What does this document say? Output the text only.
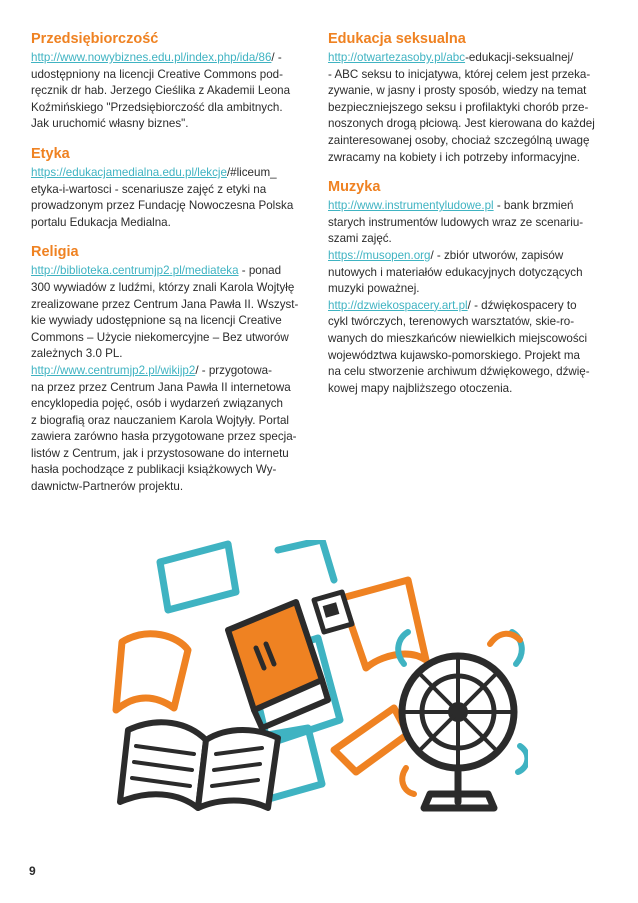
Przedsiębiorczość

http://www.nowybiznes.edu.pl/index.php/ida/86/ -
udostępniony na licencji Creative Commons pod-
ręcznik dr hab. Jerzego Cieślika z Akademii Leona
Koźmińskiego "Przedsiębiorczość dla ambitnych.
Jak uruchomić własny biznes".

Etyka

https://edukacjamedialna.edu.pl/lekcje/#liceum_
etyka-i-wartosci - scenariusze zajęć z etyki na
prowadzonym przez Fundację Nowoczesna Polska
portalu Edukacja Medialna.

Religia

http://biblioteka.centrumjp2.pl/mediateka - ponad
300 wywiadów z ludźmi, którzy znali Karola Wojtyłę
zrealizowane przez Centrum Jana Pawła II. Wszyst-
kie wywiady udostępnione są na licencji Creative
Commons – Użycie niekomercyjne – Bez utworów
zależnych 3.0 PL.
http://www.centrumjp2.pl/wikijp2/ - przygotowa-
na przez przez Centrum Jana Pawła II internetowa
encyklopedia pojęć, osób i wydarzeń związanych
z biografią oraz nauczaniem Karola Wojtyły. Portal
zawiera zarówno hasła przygotowane przez specja-
listów z Centrum, jak i przystosowane do internetu
hasła pochodzące z publikacji książkowych Wy-
dawnictw-Partnerów projektu.

Edukacja seksualna

http://otwartezasoby.pl/abc-edukacji-seksualnej/
- ABC seksu to inicjatywa, której celem jest przeka-
zywanie, w jasny i prosty sposób, wiedzy na temat
bezpieczniejszego seksu i profilaktyki chorób prze-
noszonych drogą płciową. Jest kierowana do każdej
zainteresowanej osoby, chociaż szczególną uwagę
zwracamy na kobiety i ich potrzeby informacyjne.

Muzyka

http://www.instrumentyludowe.pl - bank brzmień
starych instrumentów ludowych wraz ze scenariu-
szami zajęć.
https://musopen.org/ - zbiór utworów, zapisów
nutowych i materiałów edukacyjnych dotyczących
muzyki poważnej.
http://dzwiekospacery.art.pl/ - dźwiękospacery to
cykl twórczych, terenowych warsztatów, skie-ro-
wanych do mieszkańców niewielkich miejscowości
województwa kujawsko-pomorskiego. Projekt ma
na celu stworzenie archiwum dźwiękowego, dźwię-
kowej mapy najbliższego otoczenia.

9
